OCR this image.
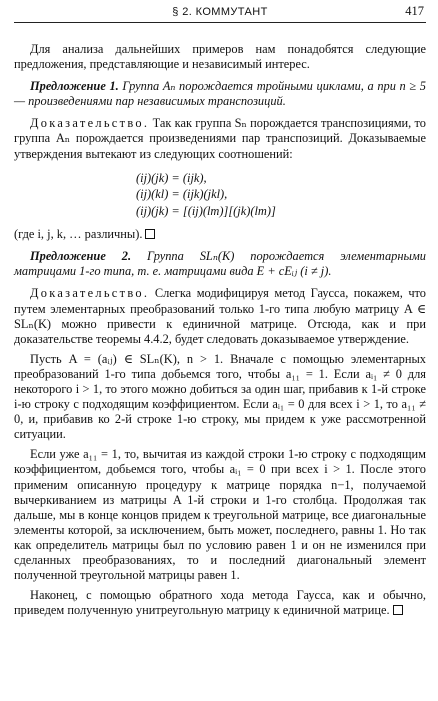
§ 2. КОММУТАНТ	417

Для анализа дальнейших примеров нам понадобятся следующие предложения, представляющие и независимый интерес.

Предложение 1. Группа Aₙ порождается тройными циклами, а при n ≥ 5 — произведениями пар независимых транспозиций.

Доказательство. Так как группа Sₙ порождается транспозициями, то группа Aₙ порождается произведениями пар транспозиций. Доказываемые утверждения вытекают из следующих соотношений:

(ij)(jk) = (ijk),
(ij)(kl) = (ijk)(jkl),
(ij)(jk) = [(ij)(lm)][(jk)(lm)]

(где i, j, k, … различны).

Предложение 2. Группа SLₙ(K) порождается элементарными матрицами 1-го типа, т. е. матрицами вида E + cEᵢⱼ (i ≠ j).

Доказательство. Слегка модифицируя метод Гаусса, покажем, что путем элементарных преобразований только 1-го типа любую матрицу A ∈ SLₙ(K) можно привести к единичной матрице. Отсюда, как и при доказательстве теоремы 4.4.2, будет следовать доказываемое утверждение.

Пусть A = (aᵢⱼ) ∈ SLₙ(K), n > 1. Вначале с помощью элементарных преобразований 1-го типа добьемся того, чтобы a₁₁ = 1. Если aᵢ₁ ≠ 0 для некоторого i > 1, то этого можно добиться за один шаг, прибавив к 1-й строке i-ю строку с подходящим коэффициентом. Если aᵢ₁ = 0 для всех i > 1, то a₁₁ ≠ 0, и, прибавив ко 2-й строке 1-ю строку, мы придем к уже рассмотренной ситуации.

Если уже a₁₁ = 1, то, вычитая из каждой строки 1-ю строку с подходящим коэффициентом, добьемся того, чтобы aᵢ₁ = 0 при всех i > 1. После этого применим описанную процедуру к матрице порядка n−1, получаемой вычеркиванием из матрицы A 1-й строки и 1-го столбца. Продолжая так дальше, мы в конце концов придем к треугольной матрице, все диагональные элементы которой, за исключением, быть может, последнего, равны 1. Но так как определитель матрицы был по условию равен 1 и он не изменился при сделанных преобразованиях, то и последний диагональный элемент полученной треугольной матрицы равен 1.

Наконец, с помощью обратного хода метода Гаусса, как и обычно, приведем полученную унитреугольную матрицу к единичной матрице.
